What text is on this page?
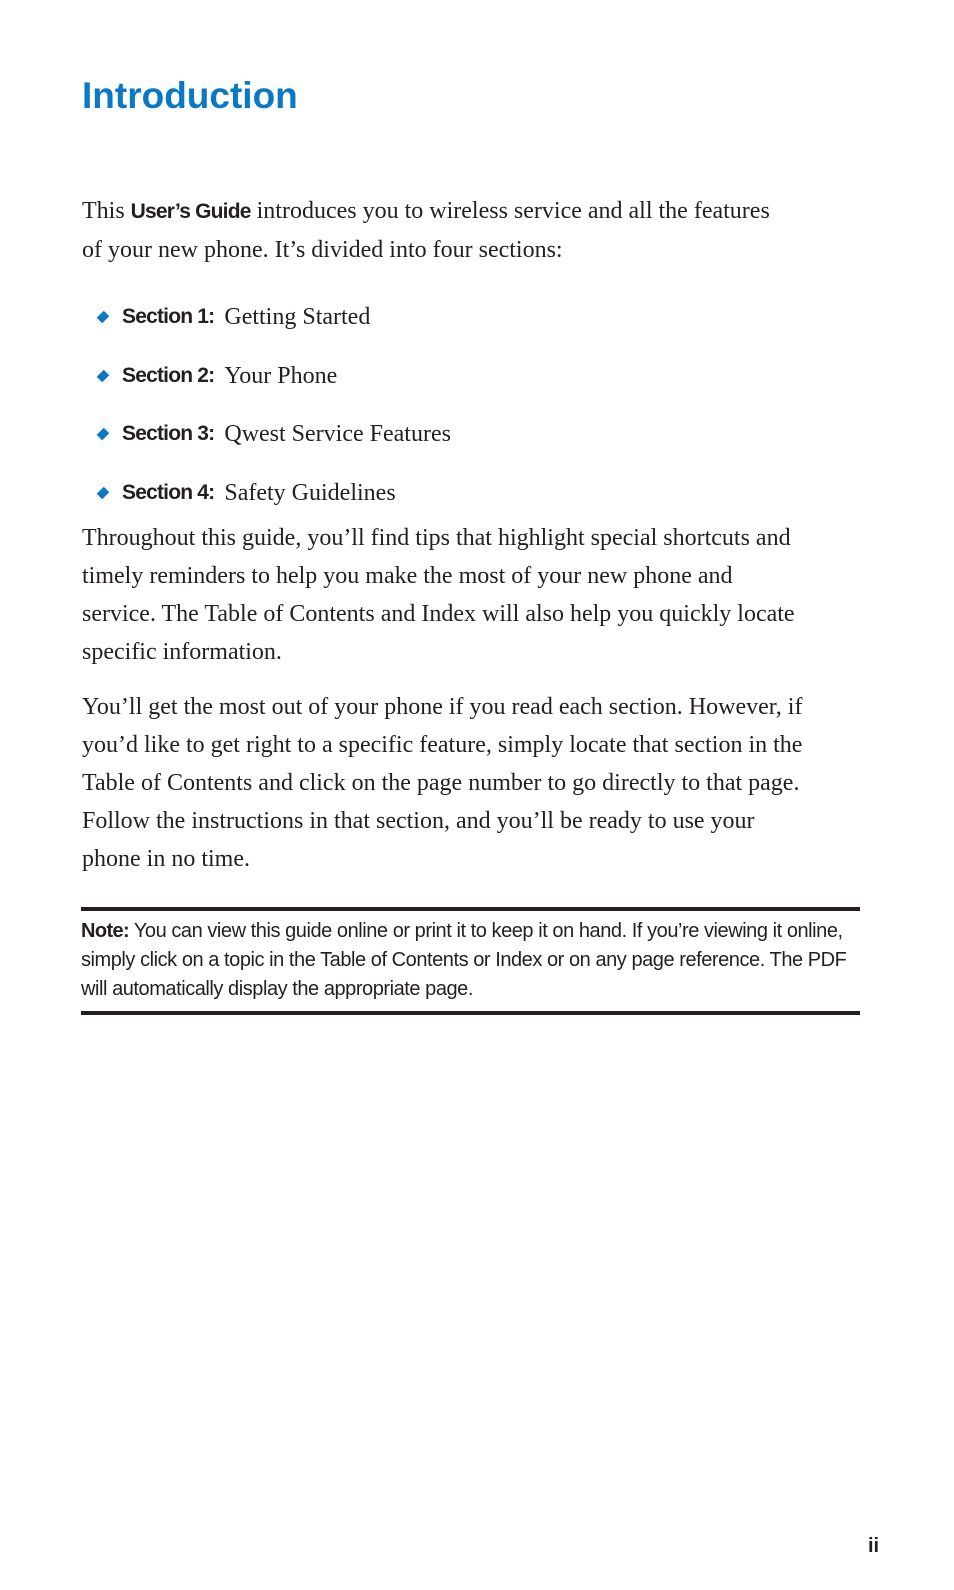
Introduction

This User’s Guide introduces you to wireless service and all the features of your new phone. It’s divided into four sections:

Section 1: Getting Started
Section 2: Your Phone
Section 3: Qwest Service Features
Section 4: Safety Guidelines

Throughout this guide, you’ll find tips that highlight special shortcuts and timely reminders to help you make the most of your new phone and service. The Table of Contents and Index will also help you quickly locate specific information.

You’ll get the most out of your phone if you read each section. However, if you’d like to get right to a specific feature, simply locate that section in the Table of Contents and click on the page number to go directly to that page. Follow the instructions in that section, and you’ll be ready to use your phone in no time.

Note: You can view this guide online or print it to keep it on hand. If you’re viewing it online, simply click on a topic in the Table of Contents or Index or on any page reference. The PDF will automatically display the appropriate page.

ii
